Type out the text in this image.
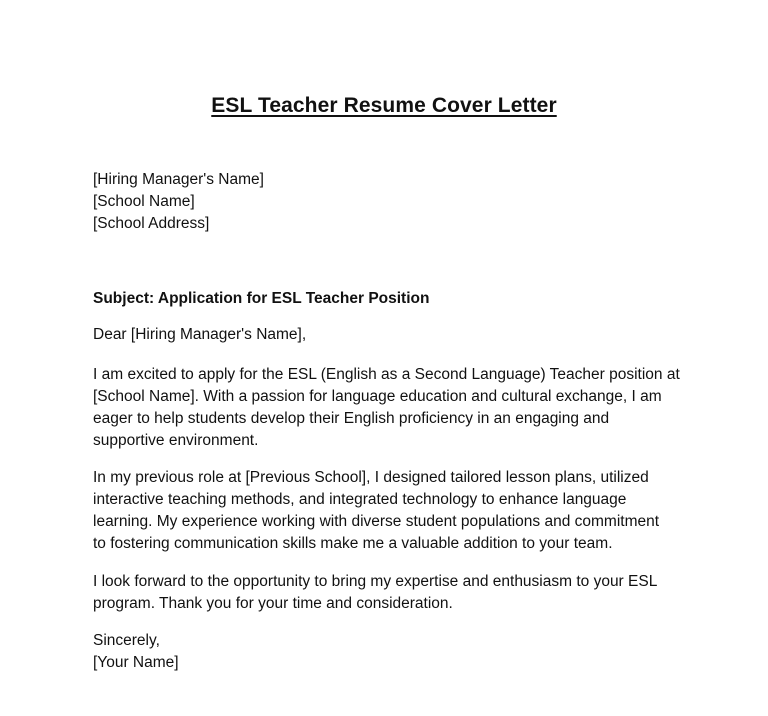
ESL Teacher Resume Cover Letter
[Hiring Manager's Name]
[School Name]
[School Address]
Subject: Application for ESL Teacher Position
Dear [Hiring Manager's Name],
I am excited to apply for the ESL (English as a Second Language) Teacher position at
[School Name]. With a passion for language education and cultural exchange, I am
eager to help students develop their English proficiency in an engaging and
supportive environment.
In my previous role at [Previous School], I designed tailored lesson plans, utilized
interactive teaching methods, and integrated technology to enhance language
learning. My experience working with diverse student populations and commitment
to fostering communication skills make me a valuable addition to your team.
I look forward to the opportunity to bring my expertise and enthusiasm to your ESL
program. Thank you for your time and consideration.
Sincerely,
[Your Name]
